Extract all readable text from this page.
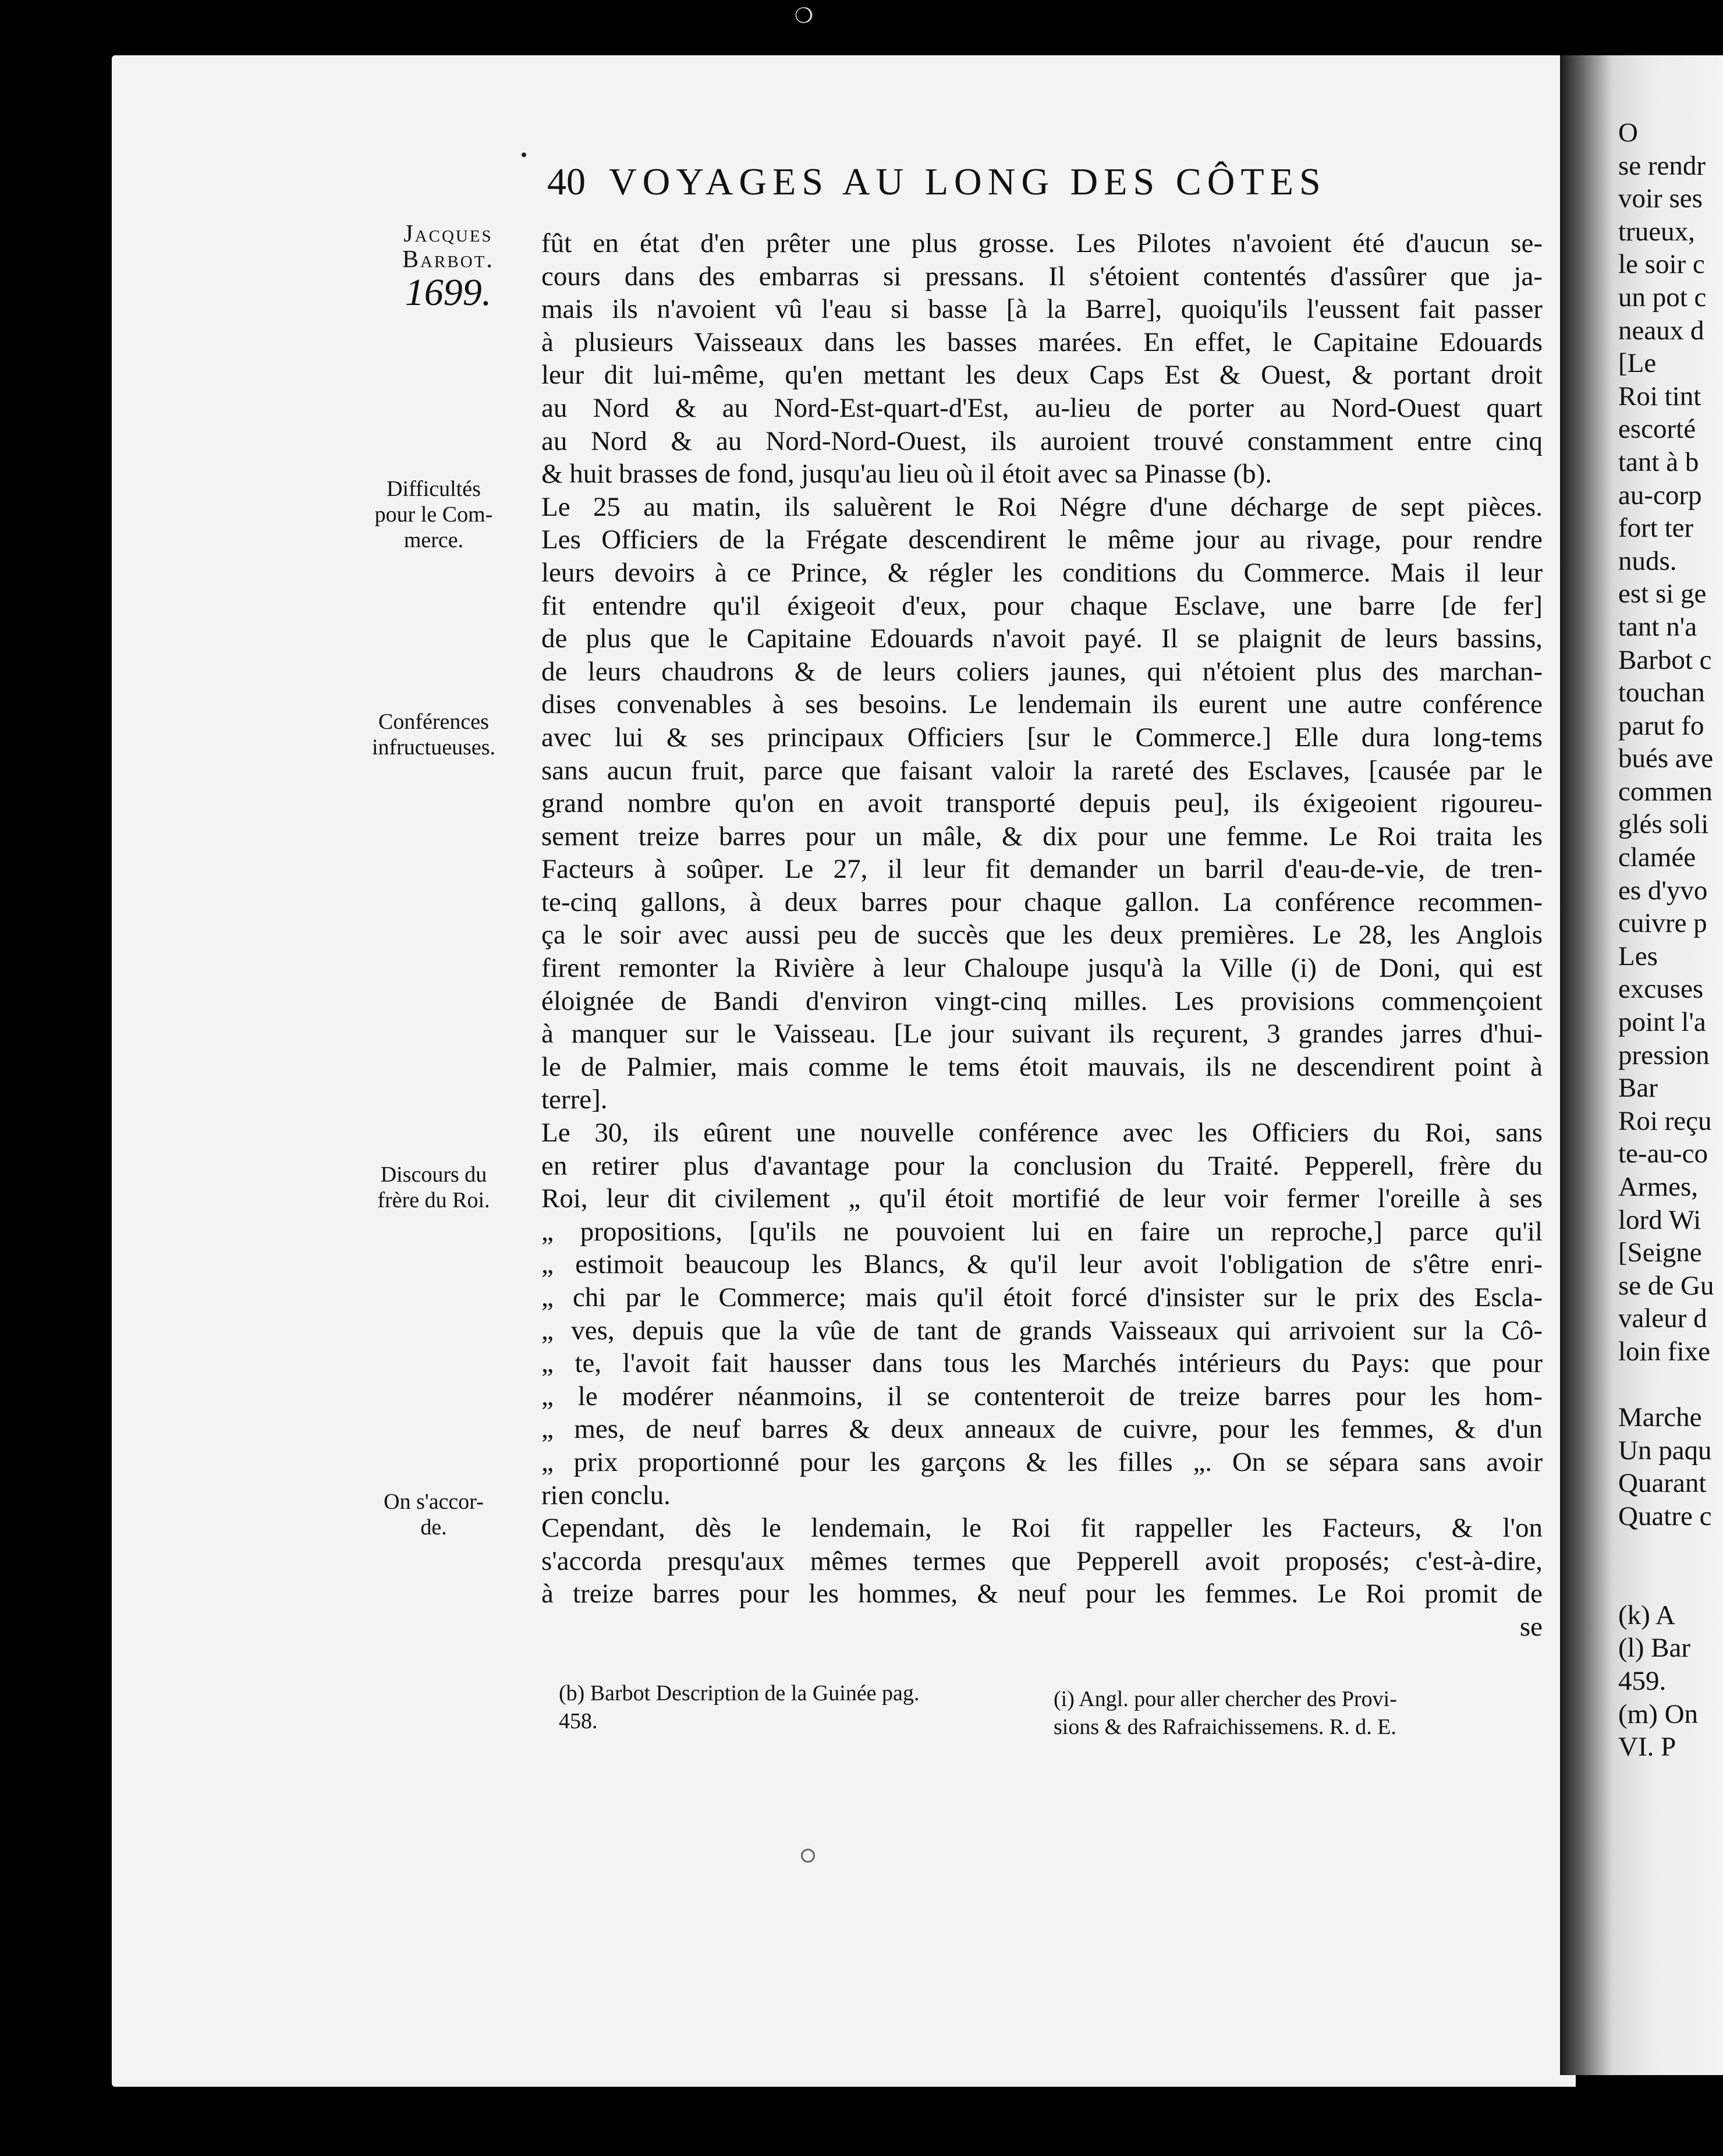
❍
40 VOYAGES AU LONG DES CÔTES
Jacques
Barbot.
1699.
Difficultés
pour le Com-
merce.
Conférences
infructueuses.
Discours du
frère du Roi.
On s'accor-
de.
fût en état d'en prêter une plus grosse. Les Pilotes n'avoient été d'aucun se-
cours dans des embarras si pressans. Il s'étoient contentés d'assûrer que ja-
mais ils n'avoient vû l'eau si basse [à la Barre], quoiqu'ils l'eussent fait passer
à plusieurs Vaisseaux dans les basses marées. En effet, le Capitaine Edouards
leur dit lui-même, qu'en mettant les deux Caps Est & Ouest, & portant droit
au Nord & au Nord-Est-quart-d'Est, au-lieu de porter au Nord-Ouest quart
au Nord & au Nord-Nord-Ouest, ils auroient trouvé constamment entre cinq
& huit brasses de fond, jusqu'au lieu où il étoit avec sa Pinasse (b).
Le 25 au matin, ils saluèrent le Roi Négre d'une décharge de sept pièces.
Les Officiers de la Frégate descendirent le même jour au rivage, pour rendre
leurs devoirs à ce Prince, & régler les conditions du Commerce. Mais il leur
fit entendre qu'il éxigeoit d'eux, pour chaque Esclave, une barre [de fer]
de plus que le Capitaine Edouards n'avoit payé. Il se plaignit de leurs bassins,
de leurs chaudrons & de leurs coliers jaunes, qui n'étoient plus des marchan-
dises convenables à ses besoins. Le lendemain ils eurent une autre conférence
avec lui & ses principaux Officiers [sur le Commerce.] Elle dura long-tems
sans aucun fruit, parce que faisant valoir la rareté des Esclaves, [causée par le
grand nombre qu'on en avoit transporté depuis peu], ils éxigeoient rigoureu-
sement treize barres pour un mâle, & dix pour une femme. Le Roi traita les
Facteurs à soûper. Le 27, il leur fit demander un barril d'eau-de-vie, de tren-
te-cinq gallons, à deux barres pour chaque gallon. La conférence recommen-
ça le soir avec aussi peu de succès que les deux premières. Le 28, les Anglois
firent remonter la Rivière à leur Chaloupe jusqu'à la Ville (i) de Doni, qui est
éloignée de Bandi d'environ vingt-cinq milles. Les provisions commençoient
à manquer sur le Vaisseau. [Le jour suivant ils reçurent, 3 grandes jarres d'hui-
le de Palmier, mais comme le tems étoit mauvais, ils ne descendirent point à
terre].
Le 30, ils eûrent une nouvelle conférence avec les Officiers du Roi, sans
en retirer plus d'avantage pour la conclusion du Traité. Pepperell, frère du
Roi, leur dit civilement „ qu'il étoit mortifié de leur voir fermer l'oreille à ses
„ propositions, [qu'ils ne pouvoient lui en faire un reproche,] parce qu'il
„ estimoit beaucoup les Blancs, & qu'il leur avoit l'obligation de s'être enri-
„ chi par le Commerce; mais qu'il étoit forcé d'insister sur le prix des Escla-
„ ves, depuis que la vûe de tant de grands Vaisseaux qui arrivoient sur la Cô-
„ te, l'avoit fait hausser dans tous les Marchés intérieurs du Pays: que pour
„ le modérer néanmoins, il se contenteroit de treize barres pour les hom-
„ mes, de neuf barres & deux anneaux de cuivre, pour les femmes, & d'un
„ prix proportionné pour les garçons & les filles „. On se sépara sans avoir
rien conclu.
Cependant, dès le lendemain, le Roi fit rappeller les Facteurs, & l'on
s'accorda presqu'aux mêmes termes que Pepperell avoit proposés; c'est-à-dire,
à treize barres pour les hommes, & neuf pour les femmes. Le Roi promit de
se
(b) Barbot Description de la Guinée pag.
458.
(i) Angl. pour aller chercher des Provi-
sions & des Rafraichissemens. R. d. E.
O
se rendr
voir ses
trueux,
le soir c
un pot c
neaux d
[Le
Roi tint
escorté
tant à b
au-corp
fort ter
nuds.
est si ge
tant n'a
Barbot c
touchan
parut fo
bués ave
commen
glés soli
clamée
es d'yvo
cuivre p
Les
excuses
point l'a
pression
Bar
Roi reçu
te-au-co
Armes,
lord Wi
[Seigne
se de Gu
valeur d
loin fixe
Marche
Un paqu
Quarant
Quatre c
(k) A
(l) Bar
459.
(m) On
VI. P
